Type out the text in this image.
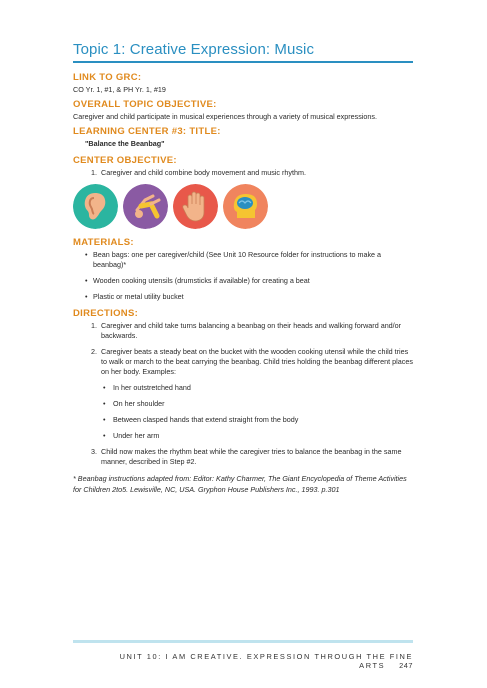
Topic 1: Creative Expression: Music
LINK TO GRC:
CO Yr. 1, #1, & PH Yr. 1, #19
OVERALL TOPIC OBJECTIVE:
Caregiver and child participate in musical experiences through a variety of musical expressions.
LEARNING CENTER #3: TITLE:
"Balance the Beanbag"
CENTER OBJECTIVE:
1. Caregiver and child combine body movement and music rhythm.
MATERIALS:
• Bean bags: one per caregiver/child (See Unit 10 Resource folder for instructions to make a beanbag)*
• Wooden cooking utensils (drumsticks if available) for creating a beat
• Plastic or metal utility bucket
DIRECTIONS:
1. Caregiver and child take turns balancing a beanbag on their heads and walking forward and/or backwards.
2. Caregiver beats a steady beat on the bucket with the wooden cooking utensil while the child tries to walk or march to the beat carrying the beanbag. Child tries holding the beanbag different places on her body. Examples:
• In her outstretched hand
• On her shoulder
• Between clasped hands that extend straight from the body
• Under her arm
3. Child now makes the rhythm beat while the caregiver tries to balance the beanbag in the same manner, described in Step #2.
* Beanbag instructions adapted from: Editor: Kathy Charmer, The Giant Encyclopedia of Theme Activities for Children 2to5. Lewisville, NC, USA. Gryphon House Publishers Inc., 1993. p.301
UNIT 10: I AM CREATIVE. EXPRESSION THROUGH THE FINE ARTS 247
